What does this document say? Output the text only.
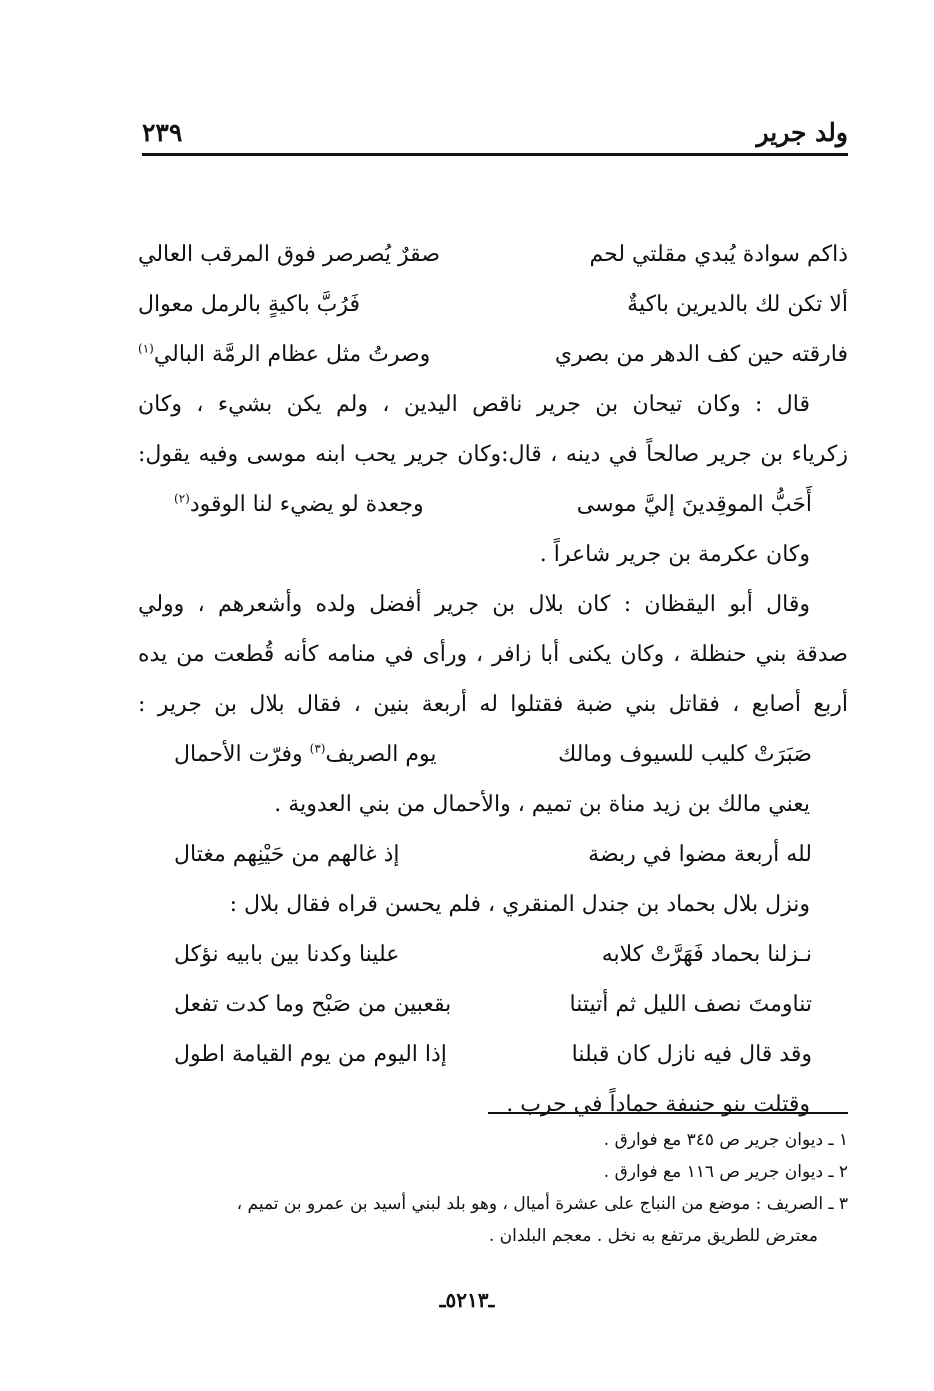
ولد جرير
٢٣٩
ذاكم سوادة يُبدي مقلتي لحم
صقرٌ يُصرصر فوق المرقب العالي
ألا تكن لك بالديرين باكيةٌ
فَرُبَّ باكيةٍ بالرمل معوال
فارقته حين كف الدهر من بصري
وصرتُ مثل عظام الرمَّة البالي$^{(١)}$
قال : وكان تيحان بن جرير ناقص اليدين ، ولم يكن بشيء ، وكان
زكرياء بن جرير صالحاً في دينه ، قال:وكان جرير يحب ابنه موسى وفيه يقول:
أَحَبُّ الموقِدينَ إليَّ موسى
وجعدة لو يضيء لنا الوقود$^{(٢)}$
وكان عكرمة بن جرير شاعراً .
وقال أبو اليقظان : كان بلال بن جرير أفضل ولده وأشعرهم ، وولي
صدقة بني حنظلة ، وكان يكنى أبا زافر ، ورأى في منامه كأنه قُطعت من يده
أربع أصابع ، فقاتل بني ضبة فقتلوا له أربعة بنين ، فقال بلال بن جرير :
صَبَرَتْ كليب للسيوف ومالك
يوم الصريف$^{(٣)}$ وفرّت الأحمال
يعني مالك بن زيد مناة بن تميم ، والأحمال من بني العدوية .
لله أربعة مضوا في ربضة
إذ غالهم من حَيْنِهم مغتال
ونزل بلال بحماد بن جندل المنقري ، فلم يحسن قراه فقال بلال :
نـزلنا بحماد فَهَرَّتْ كلابه
علينا وكدنا بين بابيه نؤكل
تناومتَ نصف الليل ثم أتيتنا
بقعبين من صَبْح وما كدت تفعل
وقد قال فيه نازل كان قبلنا
إذا اليوم من يوم القيامة اطول
وقتلت بنو حنيفة حماداً في حرب .
١ ـ ديوان جرير ص ٣٤٥ مع فوارق .
٢ ـ ديوان جرير ص ١١٦ مع فوارق .
٣ ـ الصريف : موضع من النباج على عشرة أميال ، وهو بلد لبني أسيد بن عمرو بن تميم ،
معترض للطريق مرتفع به نخل . معجم البلدان .
ـ٥٢١٣ـ
